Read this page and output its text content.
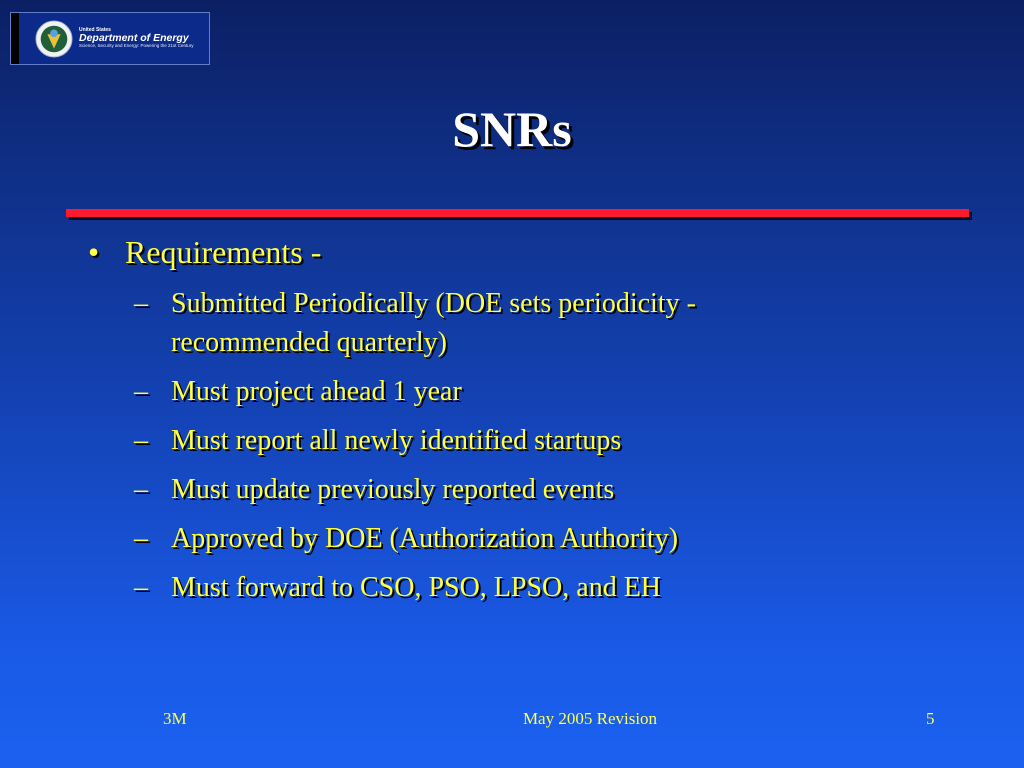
United States
Department of Energy
Science, Security and Energy: Powering the 21st Century
SNRs
• Requirements -
– Submitted Periodically (DOE sets periodicity - recommended quarterly)
– Must project ahead 1 year
– Must report all newly identified startups
– Must update previously reported events
– Approved by DOE (Authorization Authority)
– Must forward to CSO, PSO, LPSO, and EH
3M	May 2005 Revision	5
